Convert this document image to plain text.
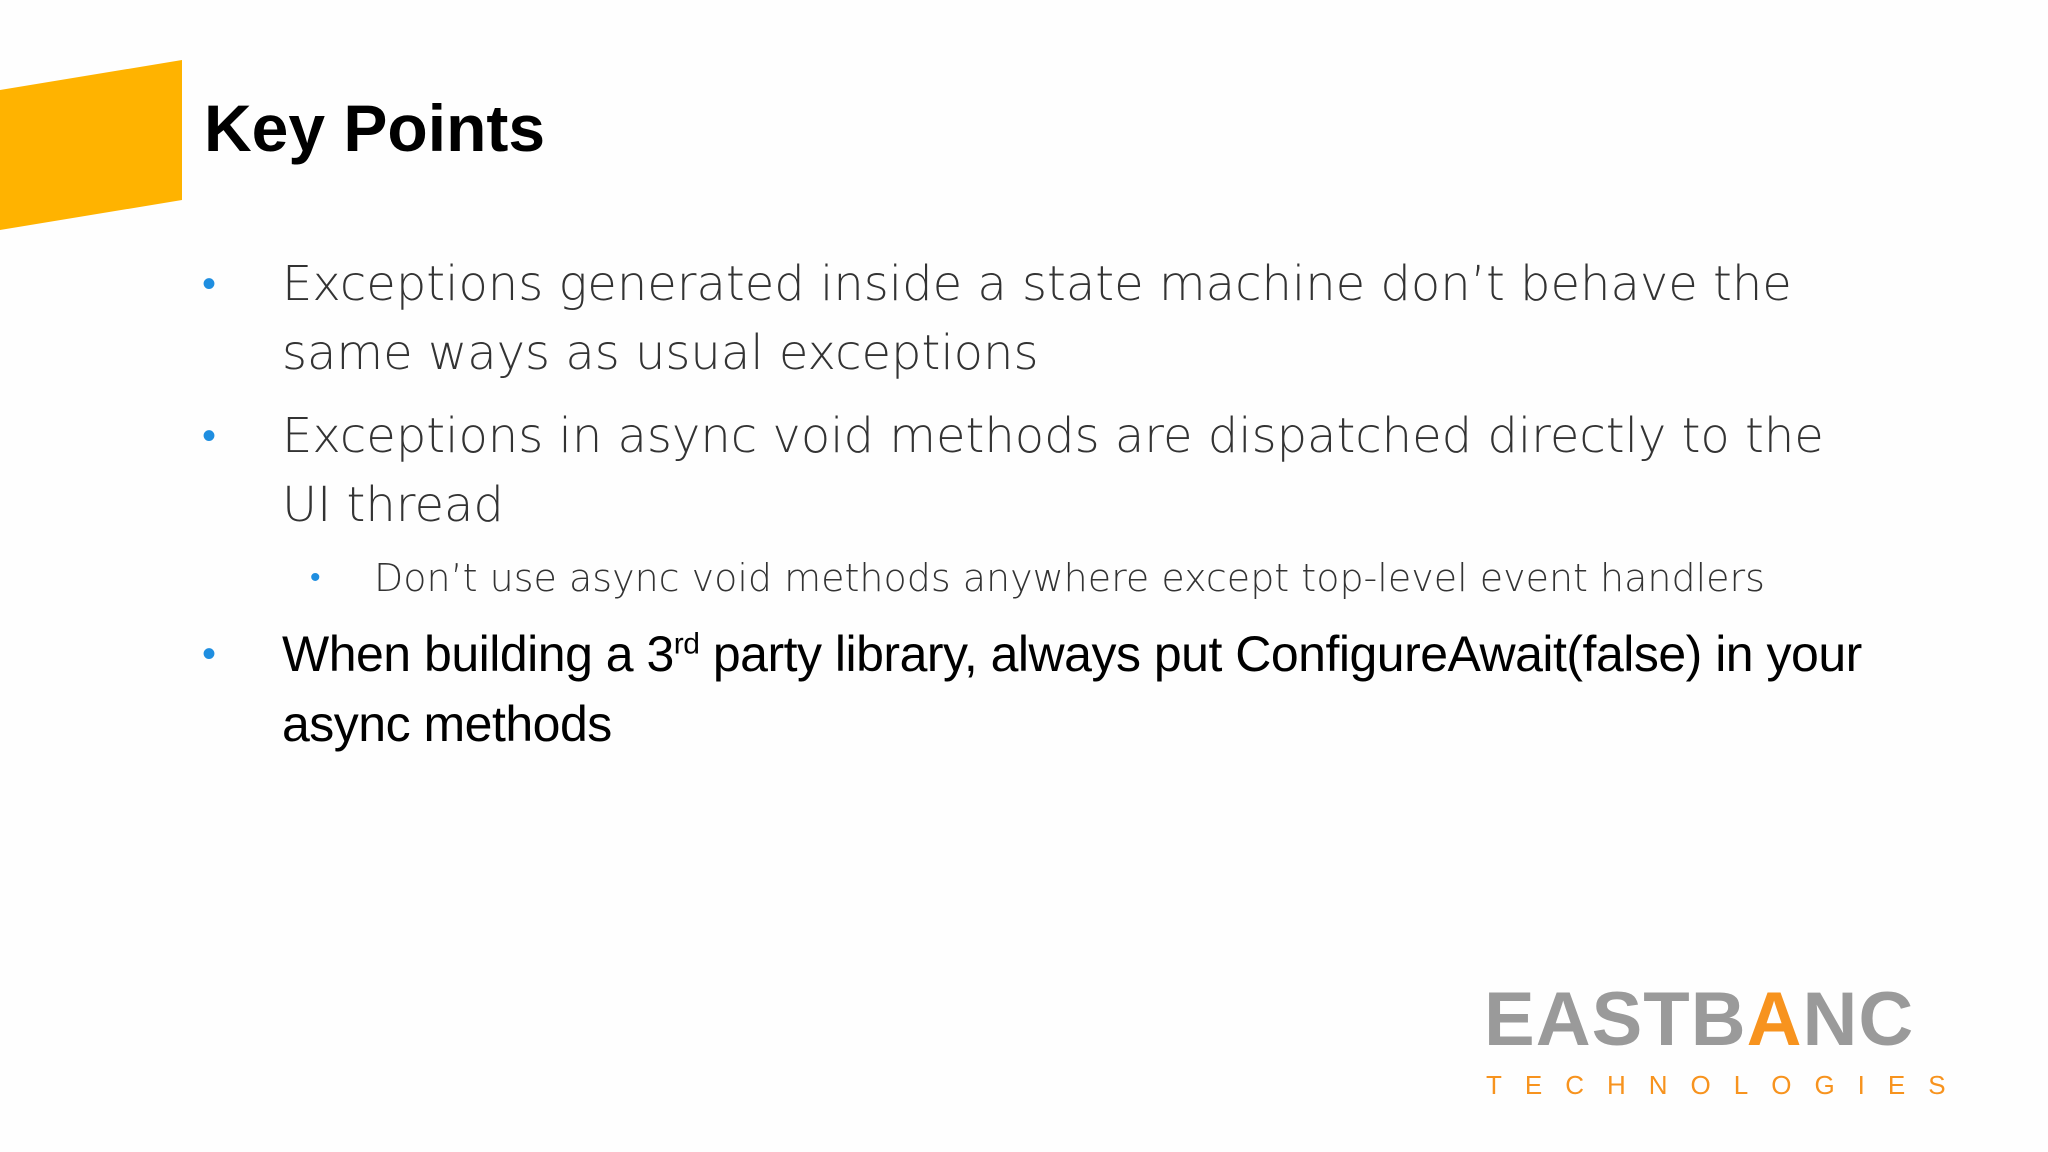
Key Points
• Exceptions generated inside a state machine don’t behave the same ways as usual exceptions
• Exceptions in async void methods are dispatched directly to the UI thread
• Don’t use async void methods anywhere except top-level event handlers
• When building a 3rd party library, always put ConfigureAwait(false) in your async methods
EASTBANC
TECHNOLOGIES
